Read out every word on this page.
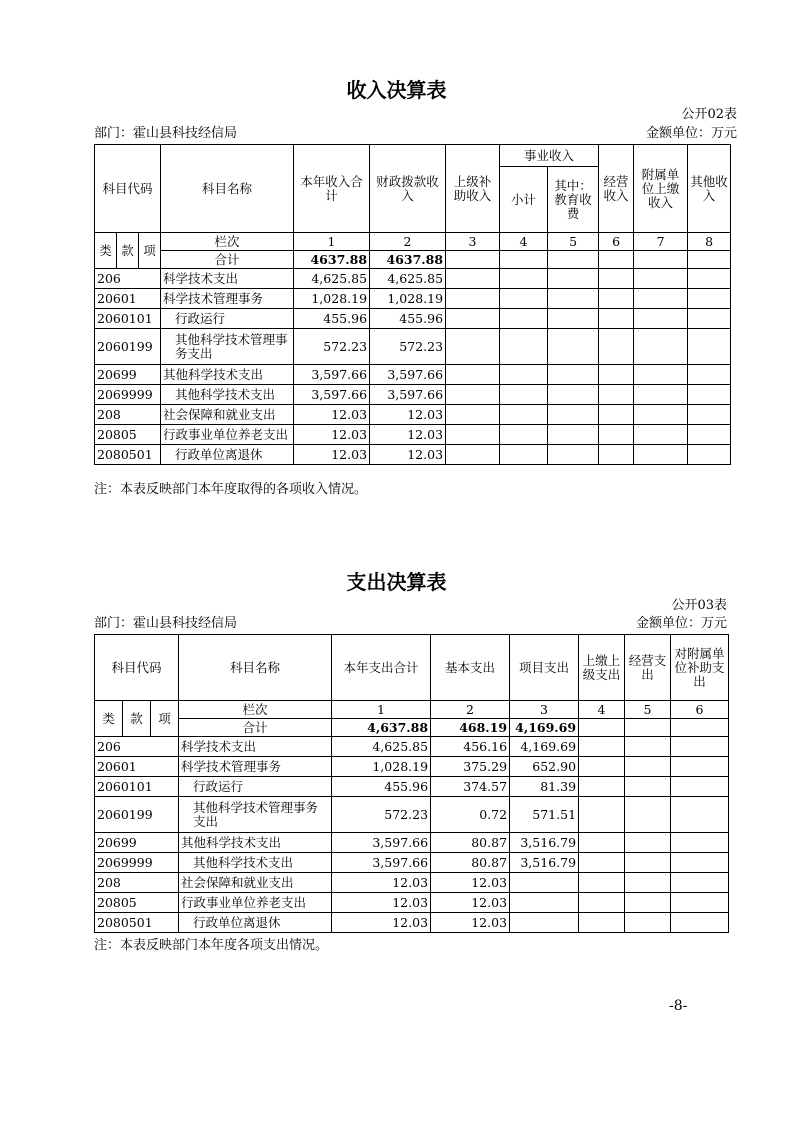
收入决算表
公开02表
部门：霍山县科技经信局	金额单位：万元
科目代码			科目名称	本年收入合计	财政拨款收入	上级补助收入	事业收入		经营收入	附属单位上缴收入	其他收入
							小计	其中：教育收费			
类	款	项	栏次	1	2	3	4	5	6	7	8
			合计	4637.88	4637.88						
206			科学技术支出	4,625.85	4,625.85						
20601			科学技术管理事务	1,028.19	1,028.19						
2060101			行政运行	455.96	455.96						
2060199			其他科学技术管理事务支出	572.23	572.23						
20699			其他科学技术支出	3,597.66	3,597.66						
2069999			其他科学技术支出	3,597.66	3,597.66						
208			社会保障和就业支出	12.03	12.03						
20805			行政事业单位养老支出	12.03	12.03						
2080501			行政单位离退休	12.03	12.03						
注：本表反映部门本年度取得的各项收入情况。
支出决算表
公开03表
部门：霍山县科技经信局	金额单位：万元
科目代码			科目名称	本年支出合计	基本支出	项目支出	上缴上级支出	经营支出	对附属单位补助支出
类	款	项	栏次	1	2	3	4	5	6
			合计	4,637.88	468.19	4,169.69			
206			科学技术支出	4,625.85	456.16	4,169.69			
20601			科学技术管理事务	1,028.19	375.29	652.90			
2060101			行政运行	455.96	374.57	81.39			
2060199			其他科学技术管理事务支出	572.23	0.72	571.51			
20699			其他科学技术支出	3,597.66	80.87	3,516.79			
2069999			其他科学技术支出	3,597.66	80.87	3,516.79			
208			社会保障和就业支出	12.03	12.03				
20805			行政事业单位养老支出	12.03	12.03				
2080501			行政单位离退休	12.03	12.03				
注：本表反映部门本年度各项支出情况。
-8-
